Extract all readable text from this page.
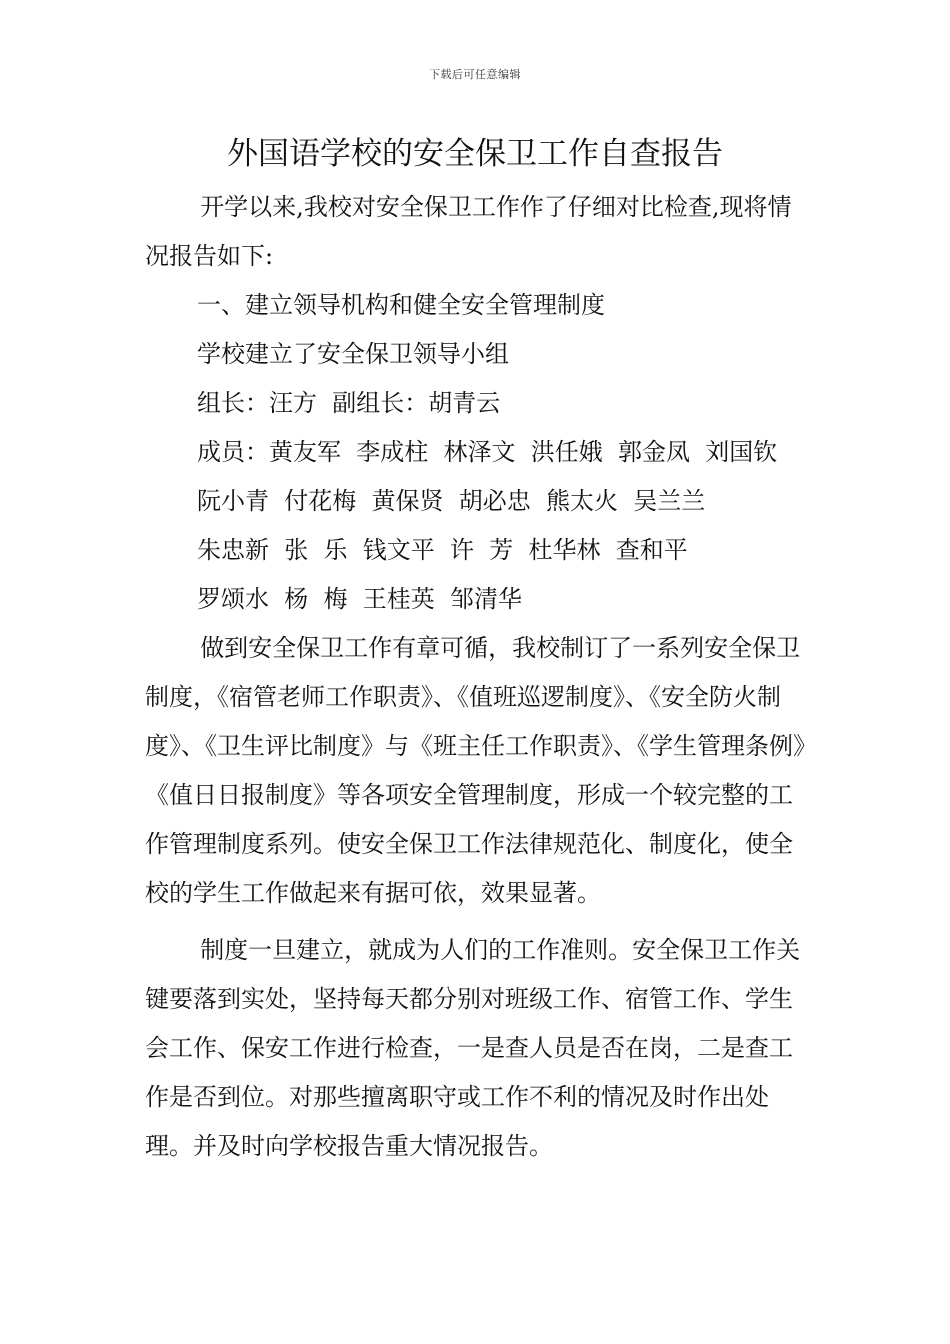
下载后可任意编辑
外国语学校的安全保卫工作自查报告

开学以来,我校对安全保卫工作作了仔细对比检查,现将情况报告如下:

一、建立领导机构和健全安全管理制度

学校建立了安全保卫领导小组

组长：汪方  副组长：胡青云

成员：黄友军  李成柱  林泽文  洪任娥  郭金凤  刘国钦

阮小青  付花梅  黄保贤  胡必忠  熊太火  吴兰兰

朱忠新  张  乐  钱文平  许  芳  杜华林  查和平

罗颂水  杨  梅  王桂英  邹清华

做到安全保卫工作有章可循，我校制订了一系列安全保卫制度，《宿管老师工作职责》、《值班巡逻制度》、《安全防火制度》、《卫生评比制度》与《班主任工作职责》、《学生管理条例》《值日日报制度》等各项安全管理制度，形成一个较完整的工作管理制度系列。使安全保卫工作法律规范化、制度化，使全校的学生工作做起来有据可依，效果显著。

制度一旦建立，就成为人们的工作准则。安全保卫工作关键要落到实处，坚持每天都分别对班级工作、宿管工作、学生会工作、保安工作进行检查，一是查人员是否在岗，二是查工作是否到位。对那些擅离职守或工作不利的情况及时作出处理。并及时向学校报告重大情况报告。
